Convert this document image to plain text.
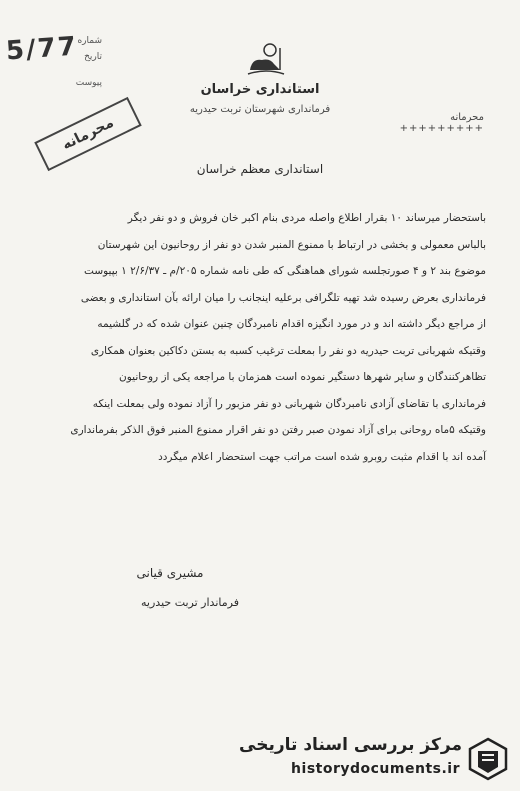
5/77
شماره
تاریخ
پیوست	استانداری خراسان
فرمانداری شهرستان تربت حیدریه
محرمانه	محرمانه
+++++++++
استانداری معظم خراسان

باستحضار میرساند ۱۰ بقرار اطلاع واصله مردی بنام اکبر خان فروش و دو نفر دیگر

بالباس معمولی و بخشی در ارتباط با ممنوع المنبر شدن دو نفر از روحانیون این شهرستان

موضوع بند ۲ و ۴ صورتجلسه شورای هماهنگی که طی نامه شماره ۲۰۵/م ـ ۲/۶/۳۷ ۱ بپیوست

فرمانداری بعرض رسیده شد تهیه تلگرافی برعلیه اینجانب را میان ارائه بآن استانداری و بعضی

از مراجع دیگر داشته اند و در مورد انگیزه اقدام نامبردگان چنین عنوان شده که در گلشیمه

وقتیکه شهربانی تربت حیدریه دو نفر را بمعلت ترغیب کسبه به بستن دکاکین بعنوان همکاری

تظاهرکنندگان و سایر شهرها دستگیر نموده است همزمان با مراجعه یکی از روحانیون

فرمانداری با تقاضای آزادی نامبردگان شهربانی دو نفر مزبور را آزاد نموده ولی بمعلت اینکه

وقتیکه ۵ماه روحانی برای آزاد نمودن صبر رفتن دو نفر اقرار ممنوع المنبر فوق الذکر بفرمانداری

آمده اند با اقدام مثبت روبرو شده است مراتب جهت استحضار اعلام میگردد

مشیری قیانی
فرماندار تربت حیدریه
مرکز بررسی اسناد تاریخی
historydocuments.ir
